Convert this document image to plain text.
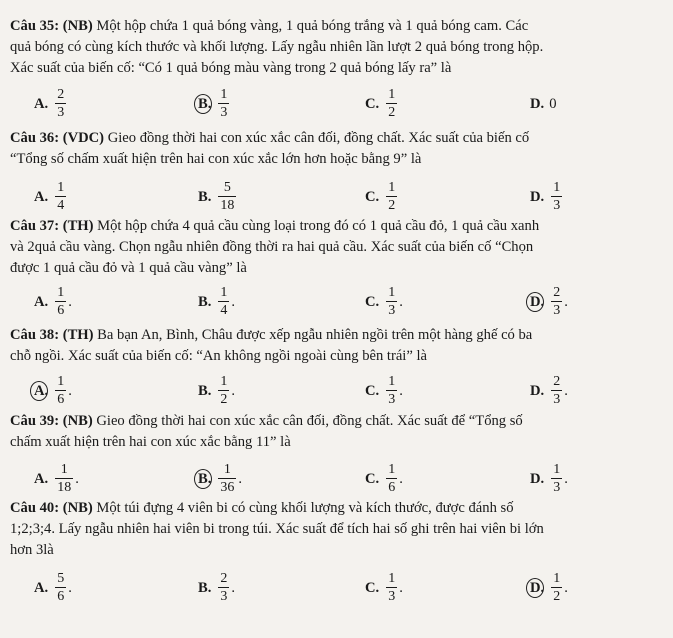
Câu 35: (NB) Một hộp chứa 1 quả bóng vàng, 1 quả bóng trắng và 1 quả bóng cam. Các

quả bóng có cùng kích thước và khối lượng. Lấy ngẫu nhiên lần lượt 2 quả bóng trong hộp.

Xác suất của biến cố: “Có 1 quả bóng màu vàng trong 2 quả bóng lấy ra” là

A. $\frac{2}{3}$	B. $\frac{1}{3}$	C. $\frac{1}{2}$	D. 0

Câu 36: (VDC) Gieo đồng thời hai con xúc xắc cân đối, đồng chất. Xác suất của biến cố

“Tổng số chấm xuất hiện trên hai con xúc xắc lớn hơn hoặc bằng 9” là

A. $\frac{1}{4}$	B. $\frac{5}{18}$	C. $\frac{1}{2}$	D. $\frac{1}{3}$

Câu 37: (TH) Một hộp chứa 4 quả cầu cùng loại trong đó có 1 quả cầu đỏ, 1 quả cầu xanh

và 2quả cầu vàng. Chọn ngẫu nhiên đồng thời ra hai quả cầu. Xác suất của biến cố “Chọn

được 1 quả cầu đỏ và 1 quả cầu vàng” là

A. $\frac{1}{6}$ .	B. $\frac{1}{4}$ .	C. $\frac{1}{3}$ .	D. $\frac{2}{3}$ .

Câu 38: (TH) Ba bạn An, Bình, Châu được xếp ngẫu nhiên ngồi trên một hàng ghế có ba

chỗ ngồi. Xác suất của biến cố: “An không ngồi ngoài cùng bên trái” là

A. $\frac{1}{6}$ .	B. $\frac{1}{2}$ .	C. $\frac{1}{3}$ .	D. $\frac{2}{3}$ .

Câu 39: (NB) Gieo đồng thời hai con xúc xắc cân đối, đồng chất. Xác suất để “Tổng số

chấm xuất hiện trên hai con xúc xắc bằng 11” là

A. $\frac{1}{18}$ .	B. $\frac{1}{36}$ .	C. $\frac{1}{6}$ .	D. $\frac{1}{3}$ .

Câu 40: (NB) Một túi đựng 4 viên bi có cùng khối lượng và kích thước, được đánh số

1;2;3;4. Lấy ngẫu nhiên hai viên bi trong túi. Xác suất để tích hai số ghi trên hai viên bi lớn

hơn 3là

A. $\frac{5}{6}$ .	B. $\frac{2}{3}$ .	C. $\frac{1}{3}$ .	D. $\frac{1}{2}$ .
